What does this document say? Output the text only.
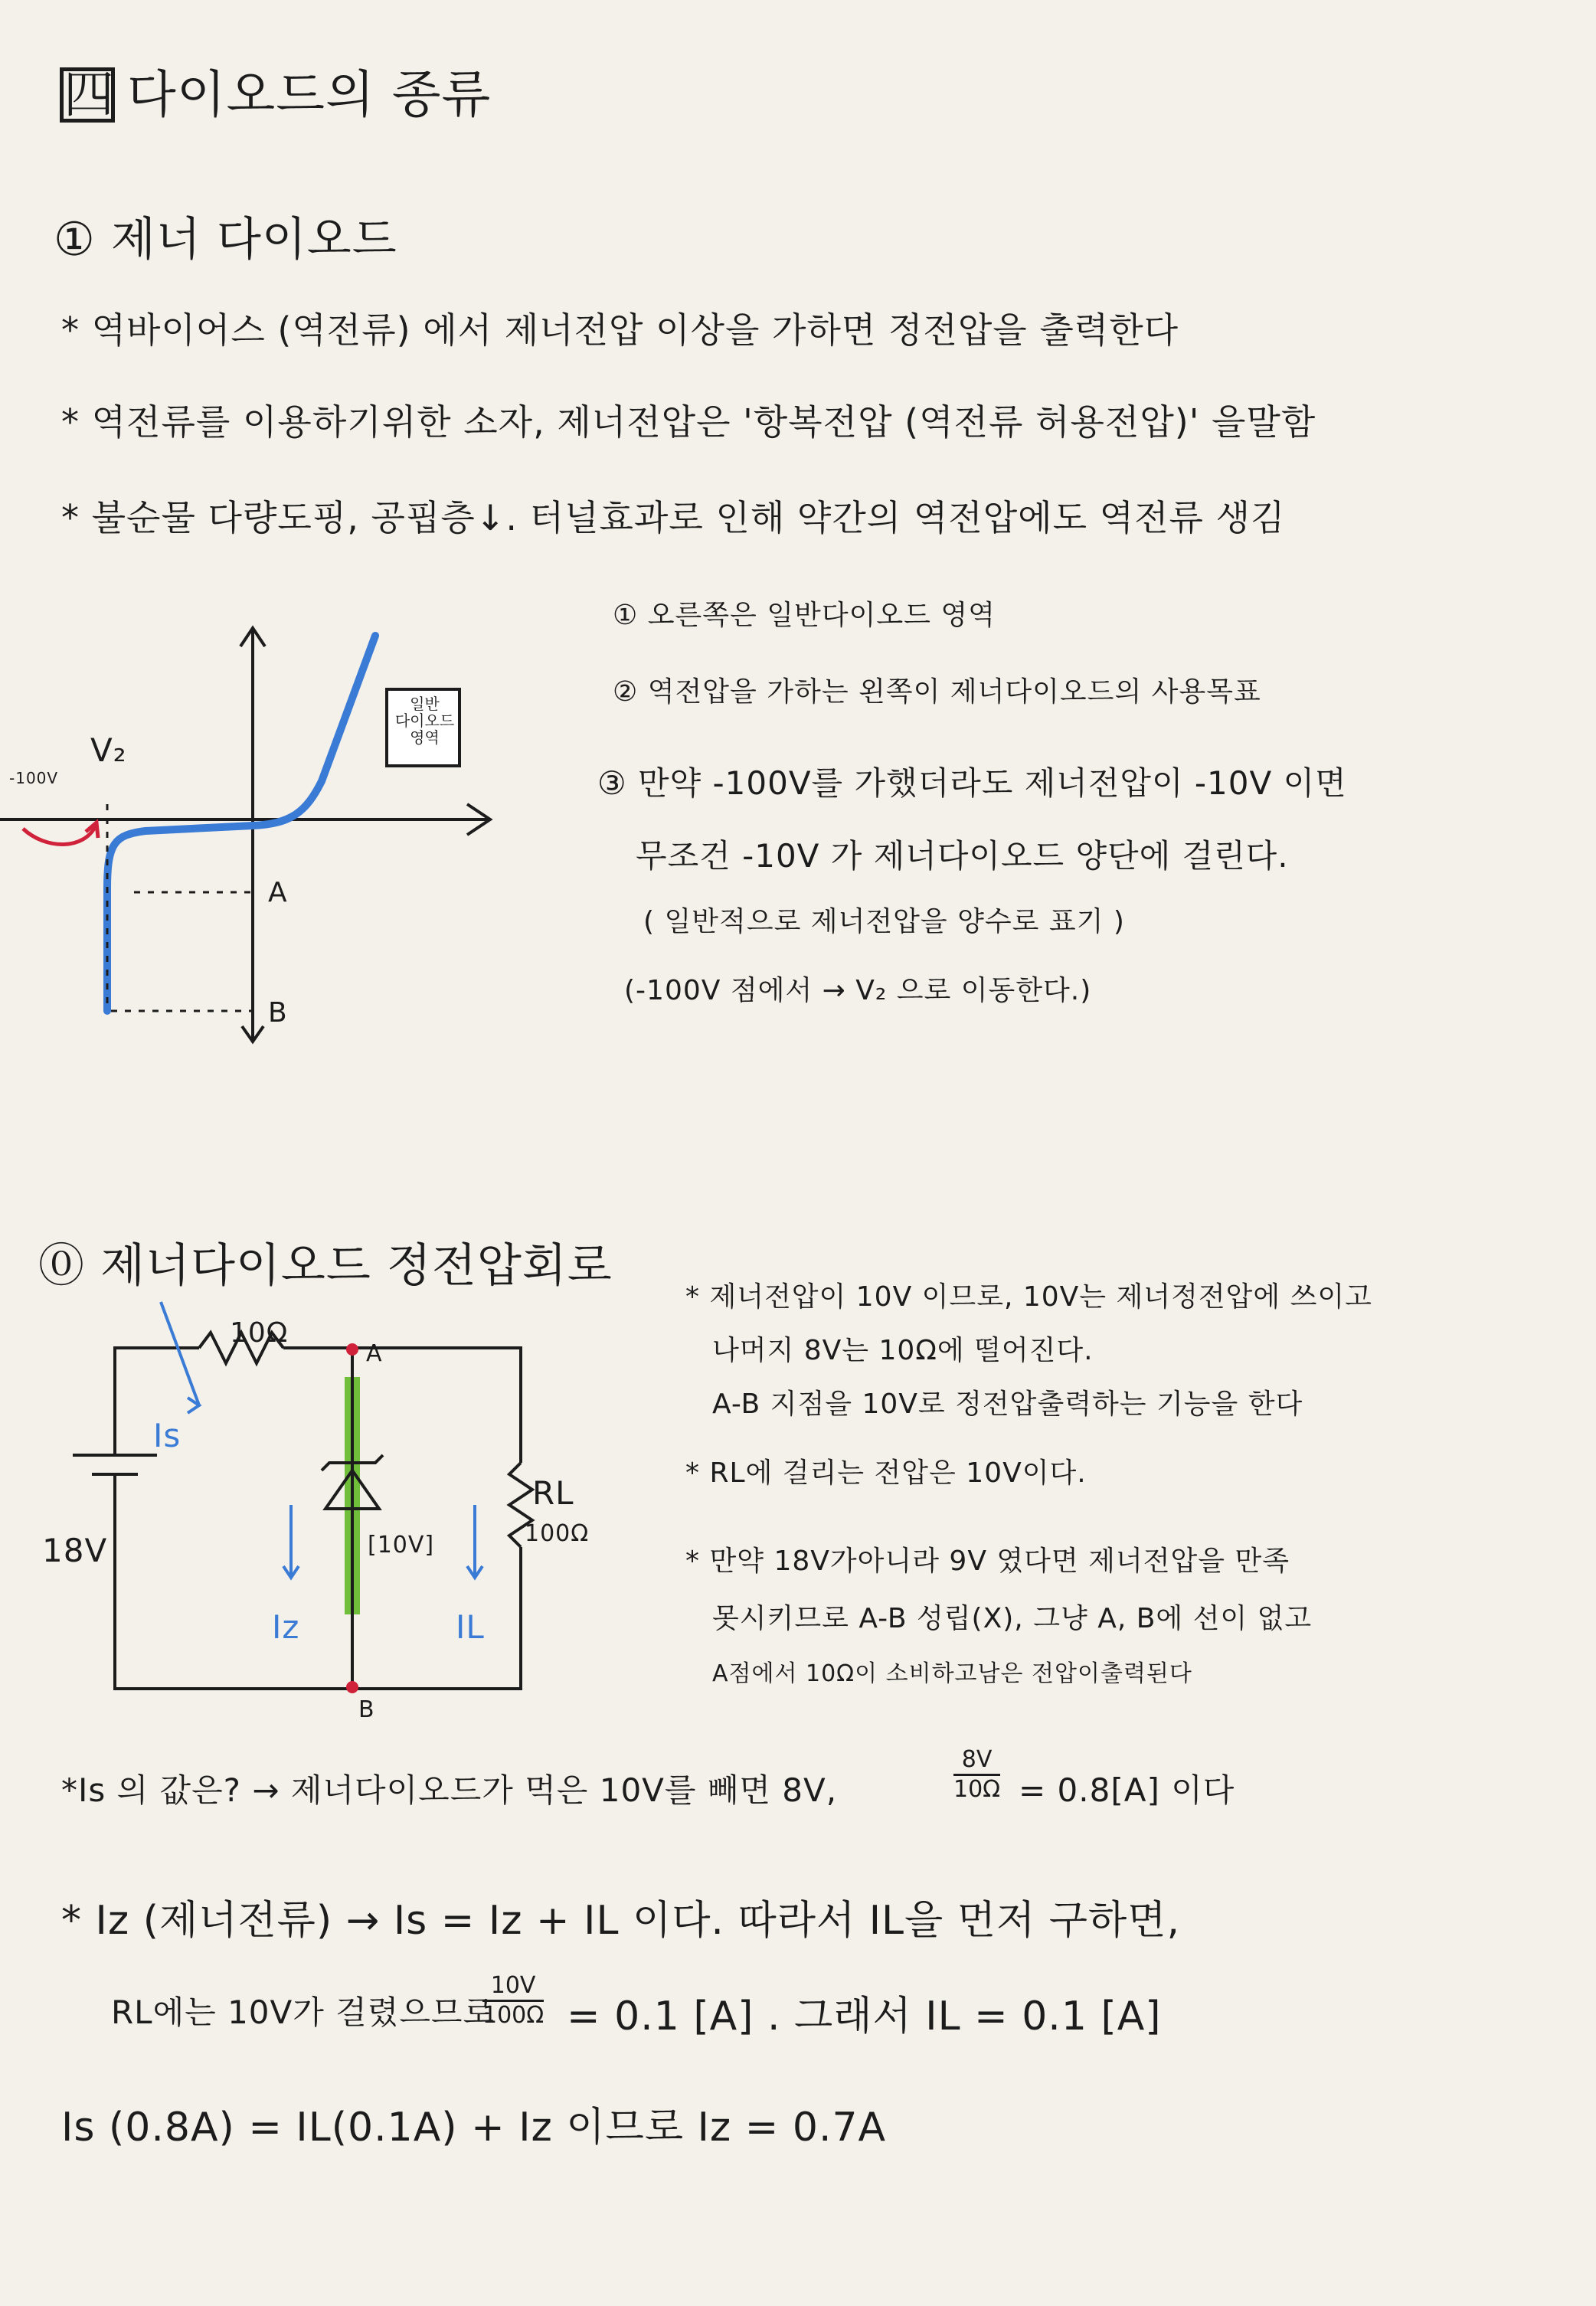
四 다이오드의 종류
① 제너 다이오드
* 역바이어스 (역전류) 에서 제너전압 이상을 가하면 정전압을 출력한다
* 역전류를 이용하기위한 소자, 제너전압은 '항복전압 (역전류 허용전압)' 을말함
* 불순물 다량도핑, 공핍층↓. 터널효과로 인해 약간의 역전압에도 역전류 생김
V₂
-100V
A
B
일반
다이오드
영역
① 오른쪽은 일반다이오드 영역
② 역전압을 가하는 왼쪽이 제너다이오드의 사용목표
③ 만약 -100V를 가했더라도 제너전압이 -10V 이면
무조건 -10V 가 제너다이오드 양단에 걸린다.
( 일반적으로 제너전압을 양수로 표기 )
(-100V 점에서 → V₂ 으로 이동한다.)
⓪ 제너다이오드 정전압회로
10Ω
A
B
Is
Iz	IL
18V	[10V]
RL
100Ω
* 제너전압이 10V 이므로, 10V는 제너정전압에 쓰이고
나머지 8V는 10Ω에 떨어진다.
A-B 지점을 10V로 정전압출력하는 기능을 한다
* RL에 걸리는 전압은 10V이다.
* 만약 18V가아니라 9V 였다면 제너전압을 만족
못시키므로 A-B 성립(X), 그냥 A, B에 선이 없고
A점에서 10Ω이 소비하고남은 전압이출력된다
*Is 의 값은? → 제너다이오드가 먹은 10V를 빼면 8V,	$\frac{8V}{10\Omega} = 0.8[A]$ 이다
* Iz (제너전류) → Is = Iz + IL 이다. 따라서 IL을 먼저 구하면,
RL에는 10V가 걸렸으므로
$\frac{10V}{100\Omega} = 0.1$ [A] . 그래서 IL = 0.1 [A]
Is (0.8A) = IL(0.1A) + Iz 이므로 Iz = 0.7A
